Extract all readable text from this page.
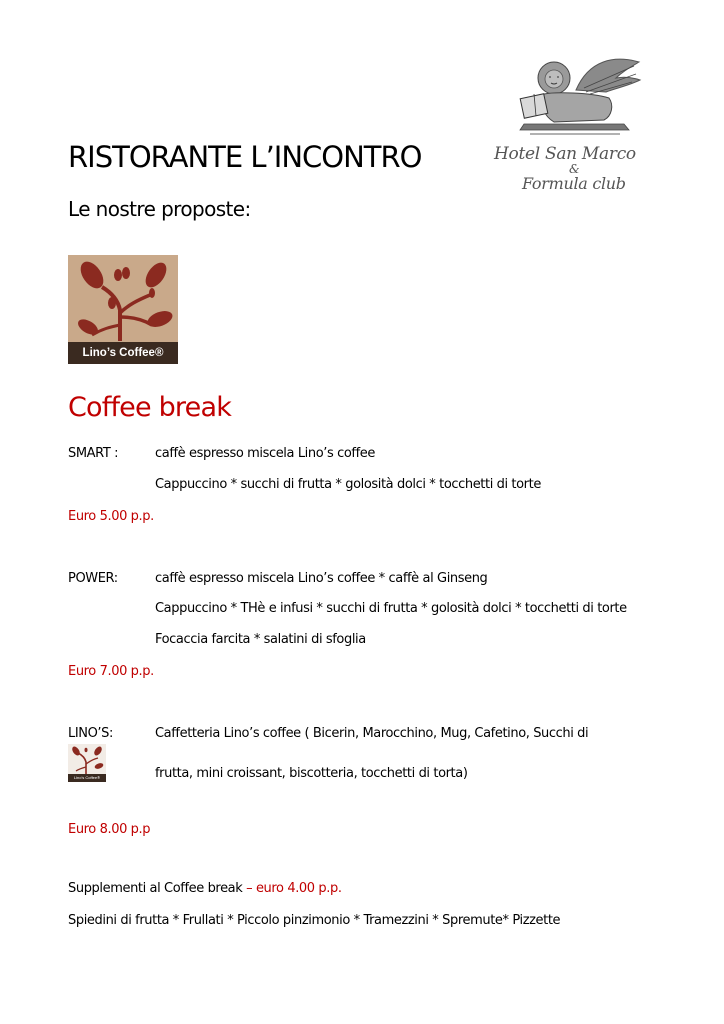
RISTORANTE L’INCONTRO
Le nostre proposte:
Hotel San Marco
&
Formula club
Lino’s Coffee®
Coffee break
SMART :	caffè espresso miscela Lino’s coffee
Cappuccino * succhi di frutta * golosità dolci * tocchetti di torte
Euro 5.00 p.p.
POWER:	caffè espresso miscela Lino’s coffee * caffè al Ginseng
Cappuccino * THè e infusi * succhi di frutta * golosità dolci * tocchetti di torte
Focaccia farcita * salatini di sfoglia
Euro 7.00 p.p.
LINO’S:
Lino’s Coffee®
Caffetteria Lino’s coffee ( Bicerin, Marocchino, Mug, Cafetino, Succhi di
frutta, mini croissant, biscotteria, tocchetti di torta)
Euro 8.00 p.p
Supplementi al Coffee break – euro 4.00 p.p.
Spiedini di frutta * Frullati * Piccolo pinzimonio * Tramezzini * Spremute* Pizzette
